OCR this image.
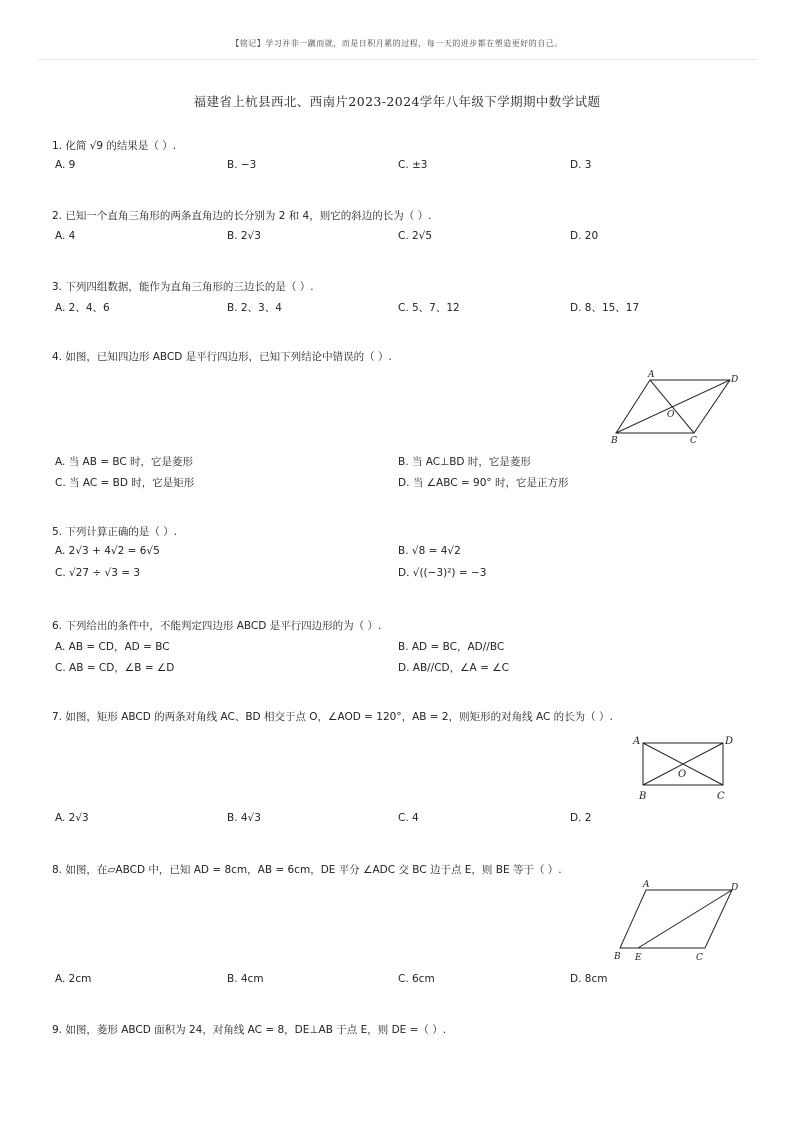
【铭记】学习并非一蹴而就，而是日积月累的过程，每一天的进步都在塑造更好的自己。
福建省上杭县西北、西南片2023-2024学年八年级下学期期中数学试题
1. 化简 √9 的结果是（ ）.
A. 9	B. −3	C. ±3	D. 3
2. 已知一个直角三角形的两条直角边的长分别为 2 和 4，则它的斜边的长为（ ）.
A. 4	B. 2√3	C. 2√5	D. 20
3. 下列四组数据，能作为直角三角形的三边长的是（ ）.
A. 2、4、6	B. 2、3、4	C. 5、7、12	D. 8、15、17
4. 如图，已知四边形 ABCD 是平行四边形，已知下列结论中错误的（ ）.
A	D
O
B	C
A. 当 AB = BC 时，它是菱形	B. 当 AC⊥BD 时，它是菱形
C. 当 AC = BD 时，它是矩形	D. 当 ∠ABC = 90° 时，它是正方形
5. 下列计算正确的是（ ）.
A. 2√3 + 4√2 = 6√5	B. √8 = 4√2
C. √27 ÷ √3 = 3	D. √((−3)²) = −3
6. 下列给出的条件中，不能判定四边形 ABCD 是平行四边形的为（ ）.
A. AB = CD，AD = BC	B. AD = BC，AD//BC
C. AB = CD，∠B = ∠D	D. AB//CD，∠A = ∠C
7. 如图，矩形 ABCD 的两条对角线 AC、BD 相交于点 O，∠AOD = 120°，AB = 2，则矩形的对角线 AC 的长为（ ）.
A	D
O
B	C
A. 2√3	B. 4√3	C. 4	D. 2
8. 如图，在▱ABCD 中，已知 AD = 8cm，AB = 6cm，DE 平分 ∠ADC 交 BC 边于点 E，则 BE 等于（ ）.
A	D
B E	C
A. 2cm	B. 4cm	C. 6cm	D. 8cm
9. 如图，菱形 ABCD 面积为 24，对角线 AC = 8，DE⊥AB 于点 E，则 DE =（ ）.
